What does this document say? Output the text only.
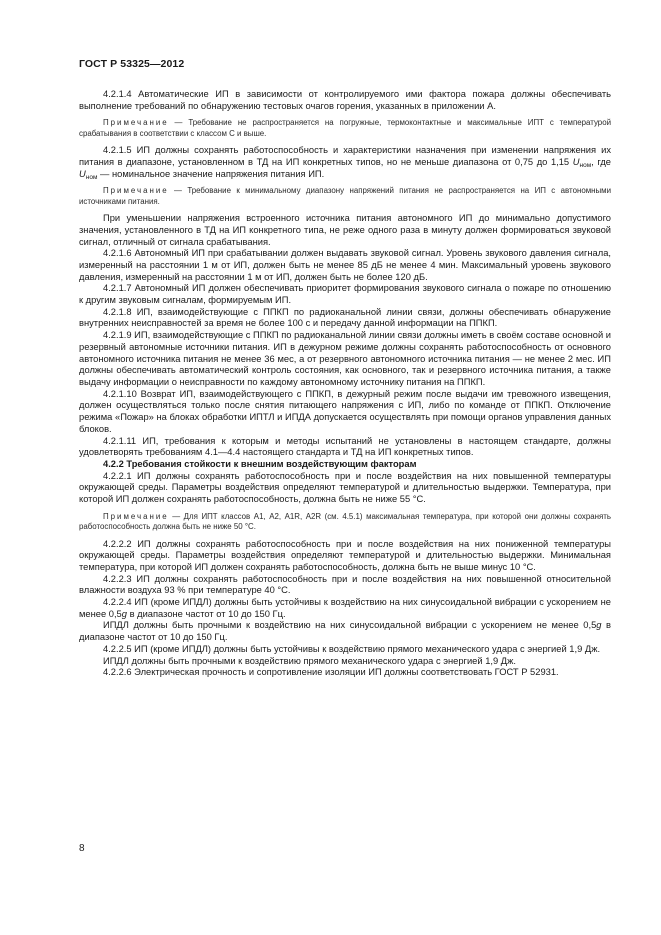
ГОСТ Р 53325—2012

4.2.1.4 Автоматические ИП в зависимости от контролируемого ими фактора пожара должны обеспечивать выполнение требований по обнаружению тестовых очагов горения, указанных в приложении А.

Примечание — Требование не распространяется на погружные, термоконтактные и максимальные ИПТ с температурой срабатывания в соответствии с классом С и выше.

4.2.1.5 ИП должны сохранять работоспособность и характеристики назначения при изменении напряжения их питания в диапазоне, установленном в ТД на ИП конкретных типов, но не меньше диапазона от 0,75 до 1,15 $U_{ном}$, где $U_{ном}$ — номинальное значение напряжения питания ИП.

Примечание — Требование к минимальному диапазону напряжений питания не распространяется на ИП с автономными источниками питания.

При уменьшении напряжения встроенного источника питания автономного ИП до минимально допустимого значения, установленного в ТД на ИП конкретного типа, не реже одного раза в минуту должен формироваться звуковой сигнал, отличный от сигнала срабатывания.

4.2.1.6 Автономный ИП при срабатывании должен выдавать звуковой сигнал. Уровень звукового давления сигнала, измеренный на расстоянии 1 м от ИП, должен быть не менее 85 дБ не менее 4 мин. Максимальный уровень звукового давления, измеренный на расстоянии 1 м от ИП, должен быть не более 120 дБ.

4.2.1.7 Автономный ИП должен обеспечивать приоритет формирования звукового сигнала о пожаре по отношению к другим звуковым сигналам, формируемым ИП.

4.2.1.8 ИП, взаимодействующие с ППКП по радиоканальной линии связи, должны обеспечивать обнаружение внутренних неисправностей за время не более 100 с и передачу данной информации на ППКП.

4.2.1.9 ИП, взаимодействующие с ППКП по радиоканальной линии связи должны иметь в своём составе основной и резервный автономные источники питания. ИП в дежурном режиме должны сохранять работоспособность от основного автономного источника питания не менее 36 мес, а от резервного автономного источника питания — не менее 2 мес. ИП должны обеспечивать автоматический контроль состояния, как основного, так и резервного источника питания, а также выдачу информации о неисправности по каждому автономному источнику питания на ППКП.

4.2.1.10 Возврат ИП, взаимодействующего с ППКП, в дежурный режим после выдачи им тревожного извещения, должен осуществляться только после снятия питающего напряжения с ИП, либо по команде от ППКП. Отключение режима «Пожар» на блоках обработки ИПТЛ и ИПДА допускается осуществлять при помощи органов управления данных блоков.

4.2.1.11 ИП, требования к которым и методы испытаний не установлены в настоящем стандарте, должны удовлетворять требованиям 4.1—4.4 настоящего стандарта и ТД на ИП конкретных типов.

4.2.2 Требования стойкости к внешним воздействующим факторам

4.2.2.1 ИП должны сохранять работоспособность при и после воздействия на них повышенной температуры окружающей среды. Параметры воздействия определяют температурой и длительностью выдержки. Температура, при которой ИП должен сохранять работоспособность, должна быть не ниже 55 °С.

Примечание — Для ИПТ классов А1, А2, А1R, А2R (см. 4.5.1) максимальная температура, при которой они должны сохранять работоспособность должна быть не ниже 50 °С.

4.2.2.2 ИП должны сохранять работоспособность при и после воздействия на них пониженной температуры окружающей среды. Параметры воздействия определяют температурой и длительностью выдержки. Минимальная температура, при которой ИП должен сохранять работоспособность, должна быть не выше минус 10 °С.

4.2.2.3 ИП должны сохранять работоспособность при и после воздействия на них повышенной относительной влажности воздуха 93 % при температуре 40 °С.

4.2.2.4 ИП (кроме ИПДЛ) должны быть устойчивы к воздействию на них синусоидальной вибрации с ускорением не менее 0,5g в диапазоне частот от 10 до 150 Гц.

ИПДЛ должны быть прочными к воздействию на них синусоидальной вибрации с ускорением не менее 0,5g в диапазоне частот от 10 до 150 Гц.

4.2.2.5 ИП (кроме ИПДЛ) должны быть устойчивы к воздействию прямого механического удара с энергией 1,9 Дж.

ИПДЛ должны быть прочными к воздействию прямого механического удара с энергией 1,9 Дж.

4.2.2.6 Электрическая прочность и сопротивление изоляции ИП должны соответствовать ГОСТ Р 52931.

8
